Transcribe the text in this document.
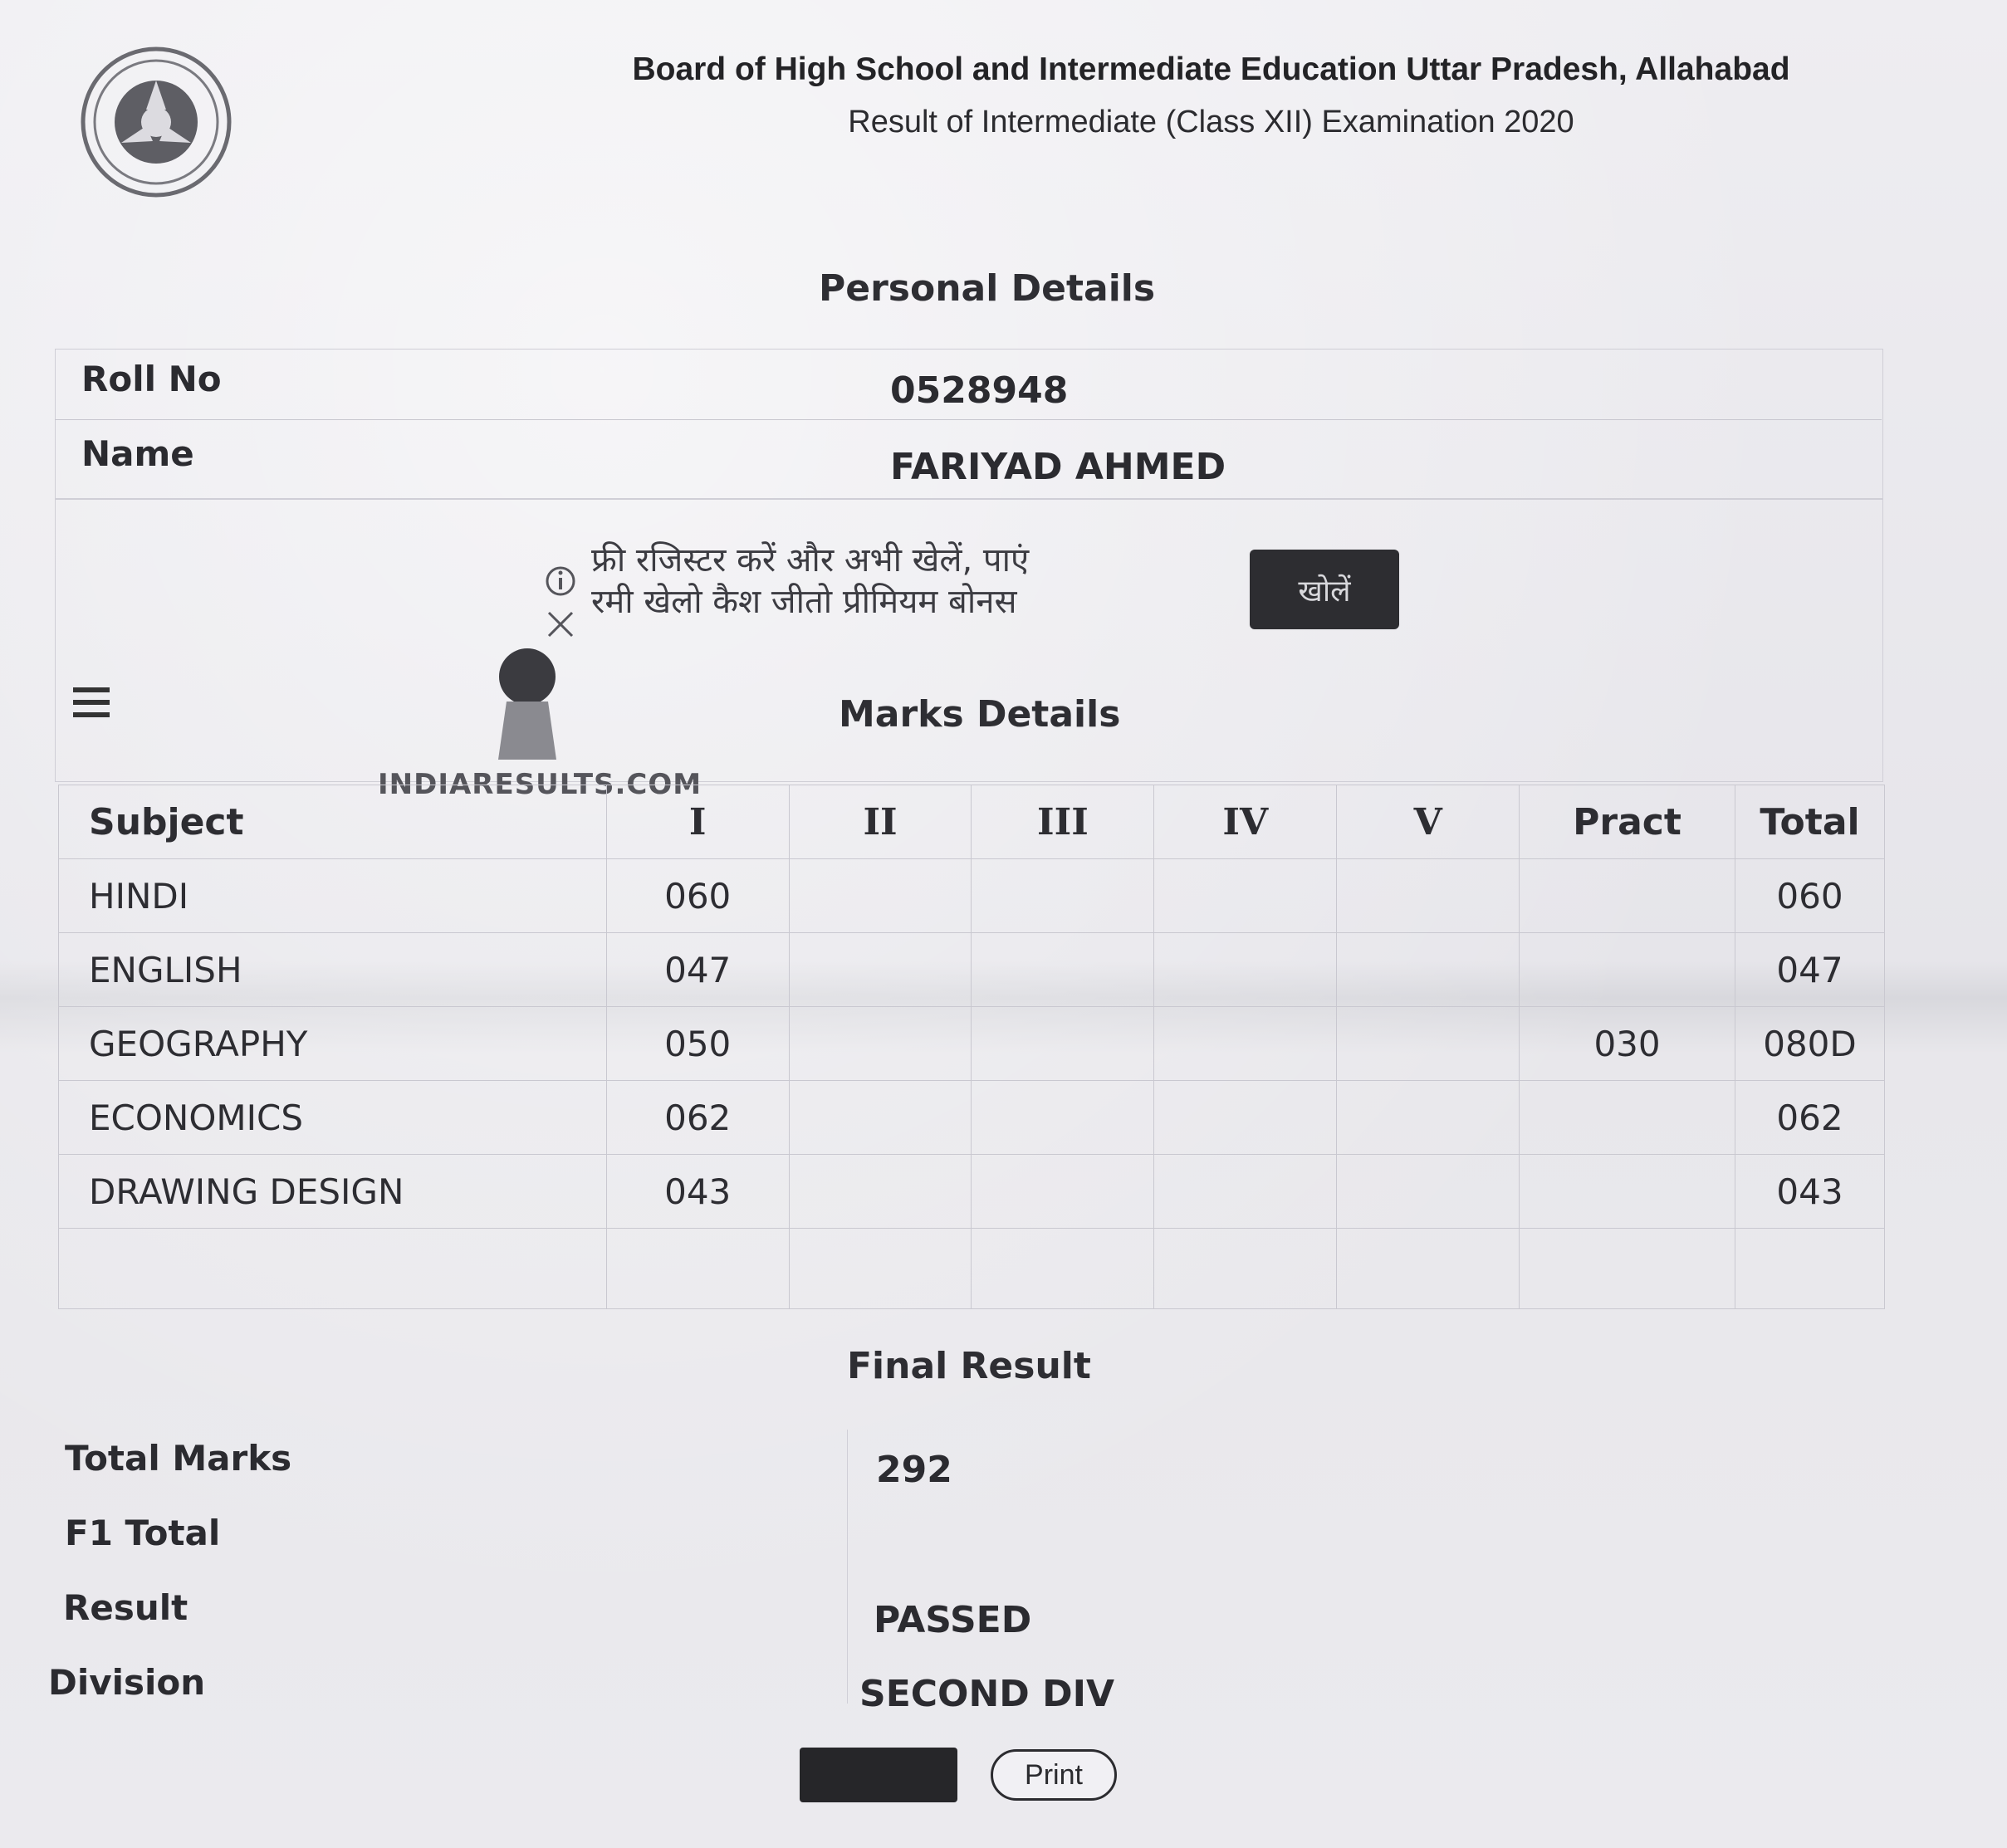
Board of High School and Intermediate Education Uttar Pradesh, Allahabad
Result of Intermediate (Class XII) Examination 2020
Personal Details
Roll No	0528948
Name	FARIYAD AHMED
फ्री रजिस्टर करें और अभी खेलें, पाएं
रमी खेलो कैश जीतो प्रीमियम बोनस	खोलें
INDIARESULTS.COM
Marks Details
Subject	I	II	III	IV	V	Pract	Total
HINDI	060						060
ENGLISH	047						047
GEOGRAPHY	050					030	080D
ECONOMICS	062						062
DRAWING DESIGN	043						043

Final Result
Total Marks	292
F1 Total
Result	PASSED
Division	SECOND DIV
Print
